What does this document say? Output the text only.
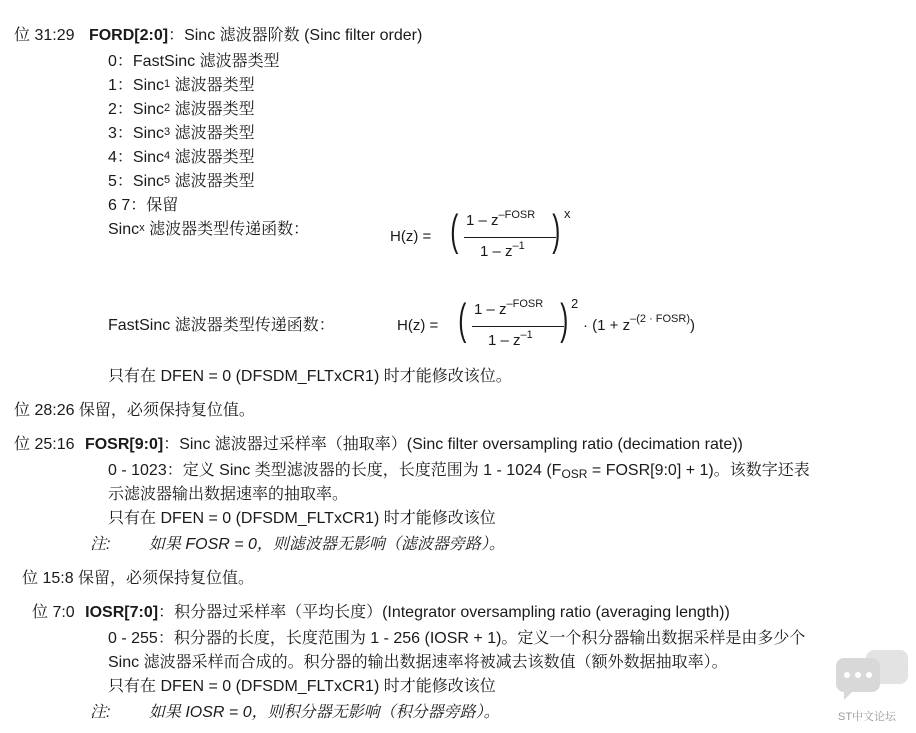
位 31:29 FORD[2:0]：Sinc 滤波器阶数 (Sinc filter order)
0：FastSinc 滤波器类型
1：Sinc$^1$ 滤波器类型
2：Sinc$^2$ 滤波器类型
3：Sinc$^3$ 滤波器类型
4：Sinc$^4$ 滤波器类型
5：Sinc$^5$ 滤波器类型
6 7：保留
Sinc$^x$ 滤波器类型传递函数：	H(z) = ( $1 - z^{-FOSR}$
$1 - z^{-1}$ ) x
FastSinc 滤波器类型传递函数：	H(z) = ( $1 - z^{-FOSR}$
$1 - z^{-1}$ ) 2
· $(1 + z^{-(2 \cdot FOSR)})$
只有在 DFEN = 0 (DFSDM_FLTxCR1) 时才能修改该位。
位 28:26 保留，必须保持复位值。
位 25:16 FOSR[9:0]：Sinc 滤波器过采样率（抽取率）(Sinc filter oversampling ratio (decimation rate))
0 - 1023：定义 Sinc 类型滤波器的长度，长度范围为 1 - 1024 ($F_{OSR}$ = FOSR[9:0] + 1)。该数字还表
示滤波器输出数据速率的抽取率。
只有在 DFEN = 0 (DFSDM_FLTxCR1) 时才能修改该位
注: 如果 FOSR = 0，则滤波器无影响（滤波器旁路）。
位 15:8 保留，必须保持复位值。
位 7:0 IOSR[7:0]：积分器过采样率（平均长度）(Integrator oversampling ratio (averaging length))
0 - 255：积分器的长度，长度范围为 1 - 256 (IOSR + 1)。定义一个积分器输出数据采样是由多少个
Sinc 滤波器采样而合成的。积分器的输出数据速率将被减去该数值（额外数据抽取率）。
只有在 DFEN = 0 (DFSDM_FLTxCR1) 时才能修改该位
注: 如果 IOSR = 0，则积分器无影响（积分器旁路）。	ST中文论坛
